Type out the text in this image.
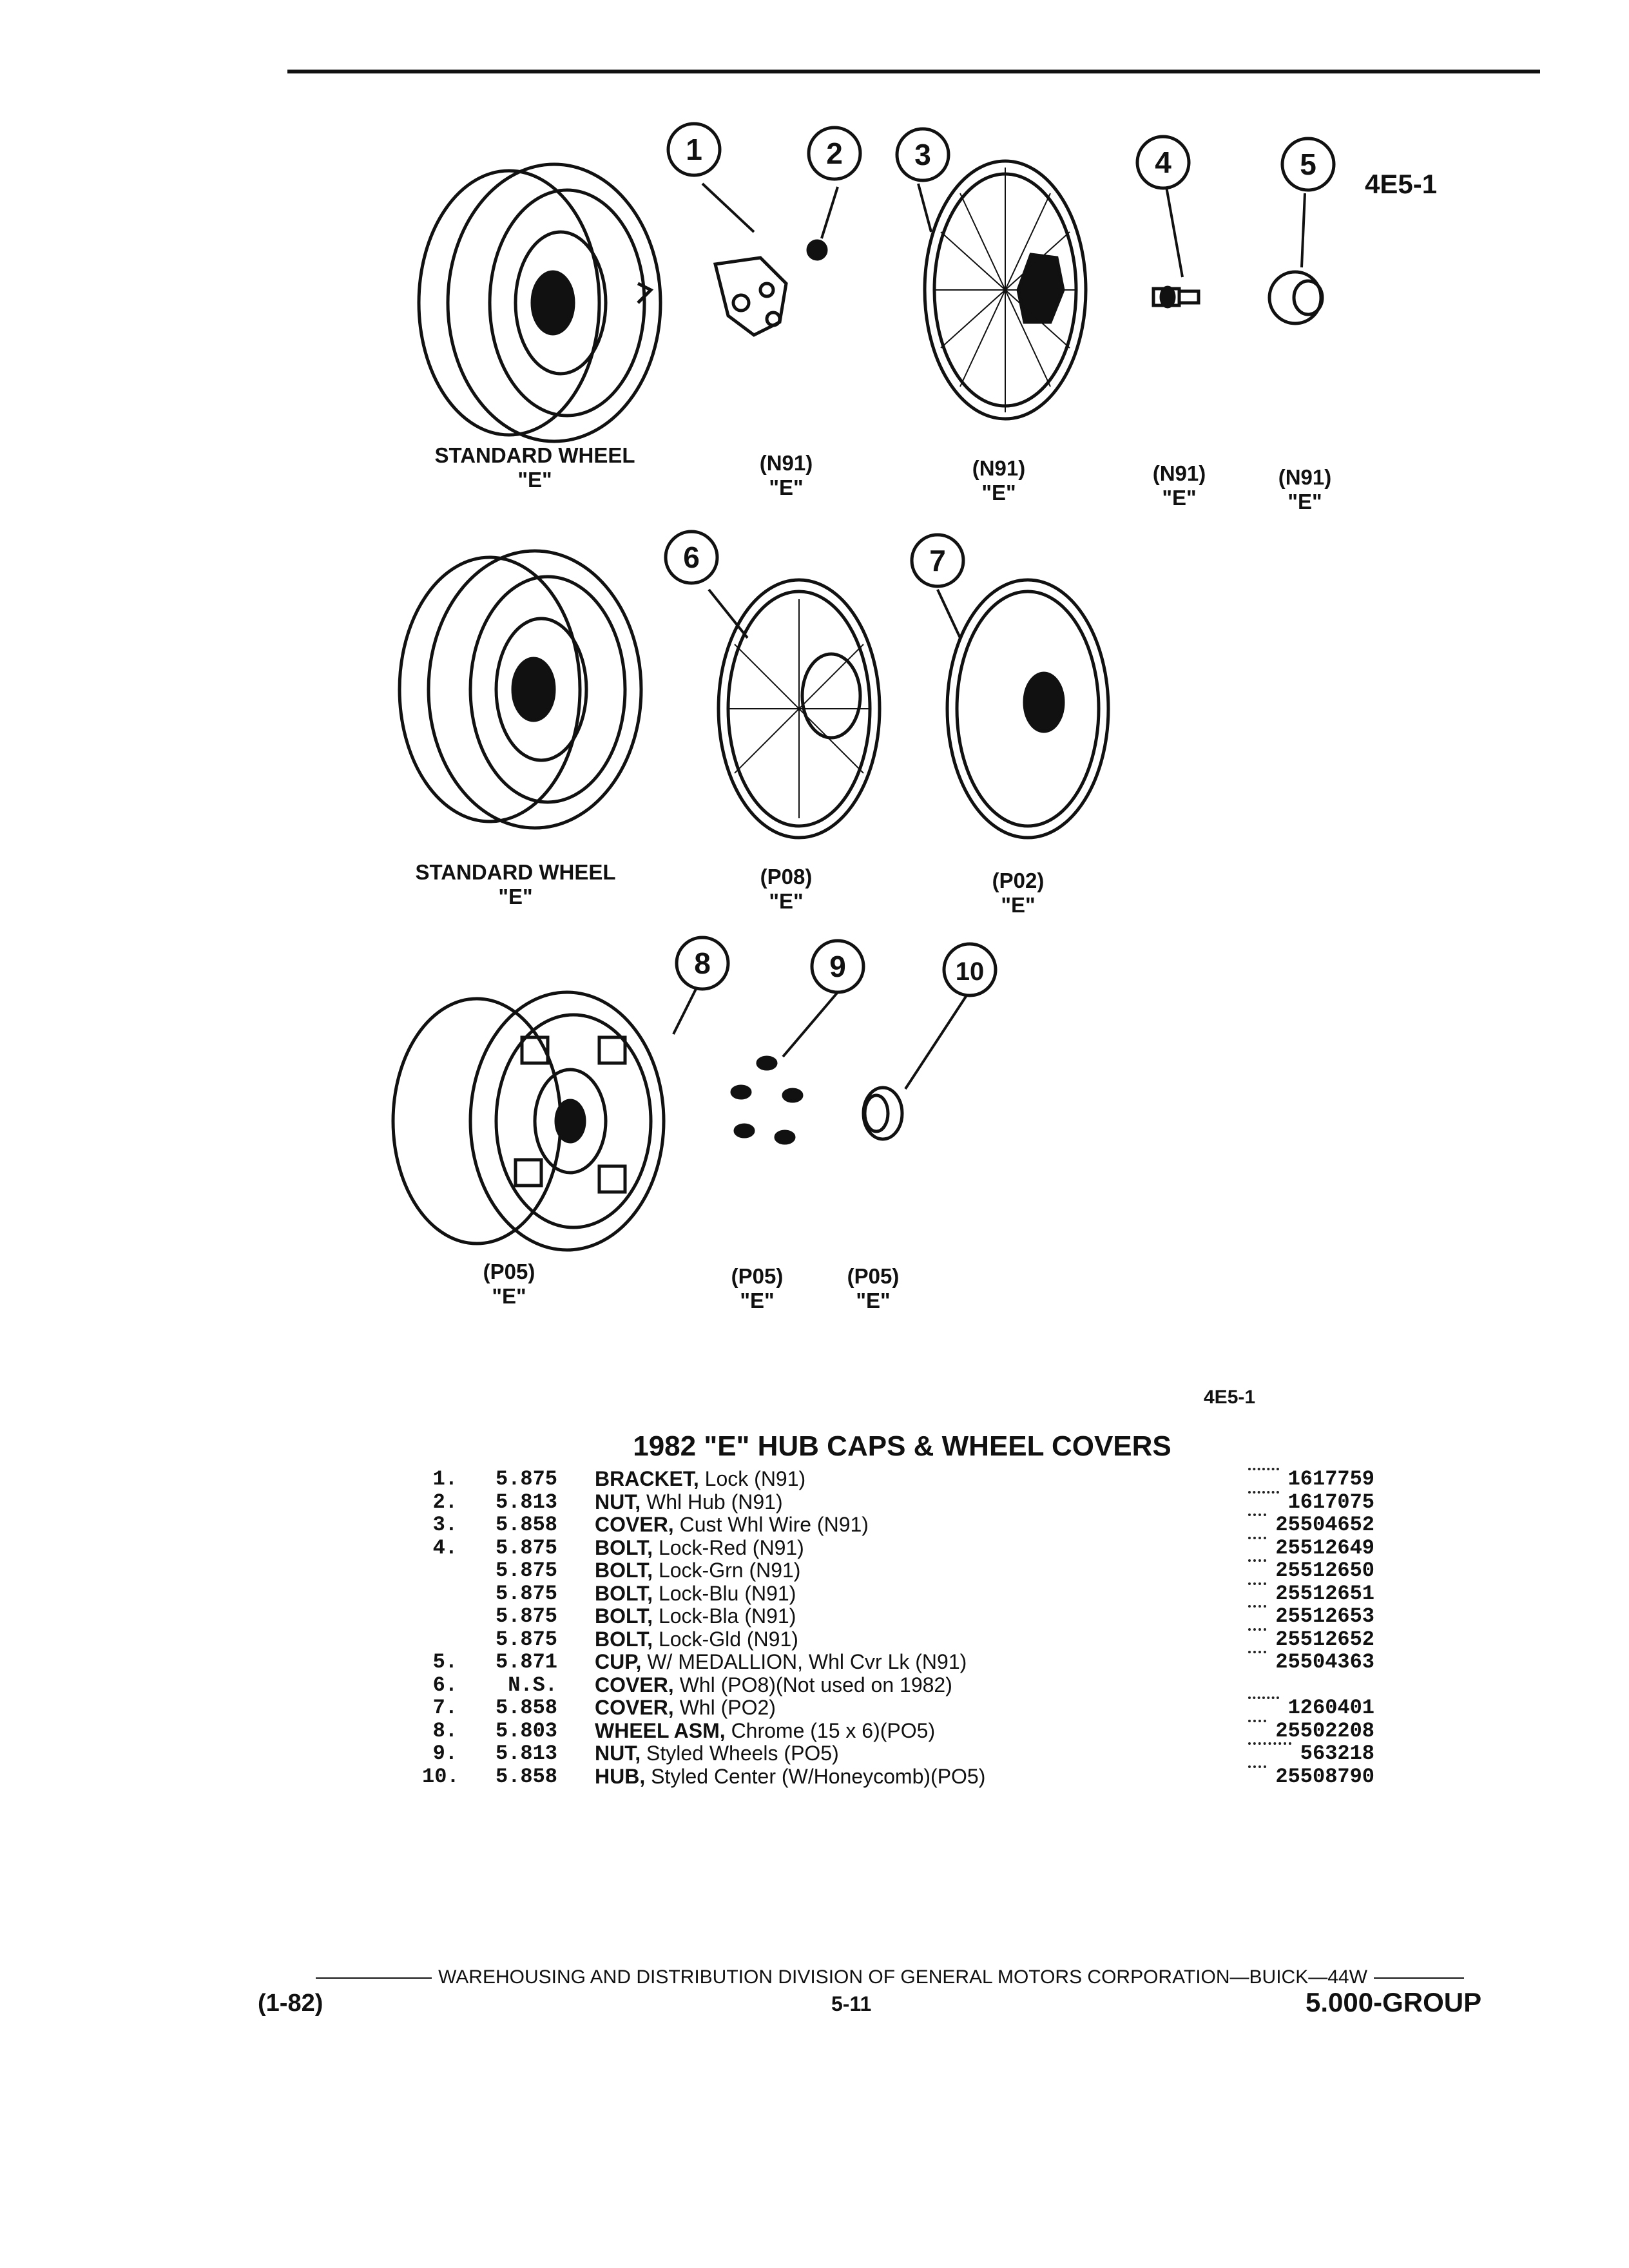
1	2 3	4	5
6	7
8	9	10
4E5-1
STANDARD WHEEL
"E"
(N91)
"E"
(N91)
"E"
(N91)
"E"
(N91)
"E"
STANDARD WHEEL
"E"
(P08)
"E"
(P02)
"E"
(P05)
"E"
(P05)
"E"
(P05)
"E"
4E5-1
1982 "E" HUB CAPS & WHEEL COVERS
1.	5.875 BRACKET, Lock (N91)	1617759
2.	5.813 NUT, Whl Hub (N91)	1617075
3.	5.858 COVER, Cust Whl Wire (N91)	25504652
4.	5.875 BOLT, Lock-Red (N91)	25512649
5.875 BOLT, Lock-Grn (N91)	25512650
5.875 BOLT, Lock-Blu (N91)	25512651
5.875 BOLT, Lock-Bla (N91)	25512653
5.875 BOLT, Lock-Gld (N91)	25512652
5.	5.871 CUP, W/ MEDALLION, Whl Cvr Lk (N91)	25504363
6.	N.S. COVER, Whl (PO8)(Not used on 1982)
7.	5.858 COVER, Whl (PO2)	1260401
8.	5.803 WHEEL ASM, Chrome (15 x 6)(PO5)	25502208
9.	5.813 NUT, Styled Wheels (PO5)	563218
10.	5.858 HUB, Styled Center (W/Honeycomb)(PO5)	25508790
WAREHOUSING AND DISTRIBUTION DIVISION OF GENERAL MOTORS CORPORATION—BUICK—44W
(1-82)	5-11	5.000-GROUP
